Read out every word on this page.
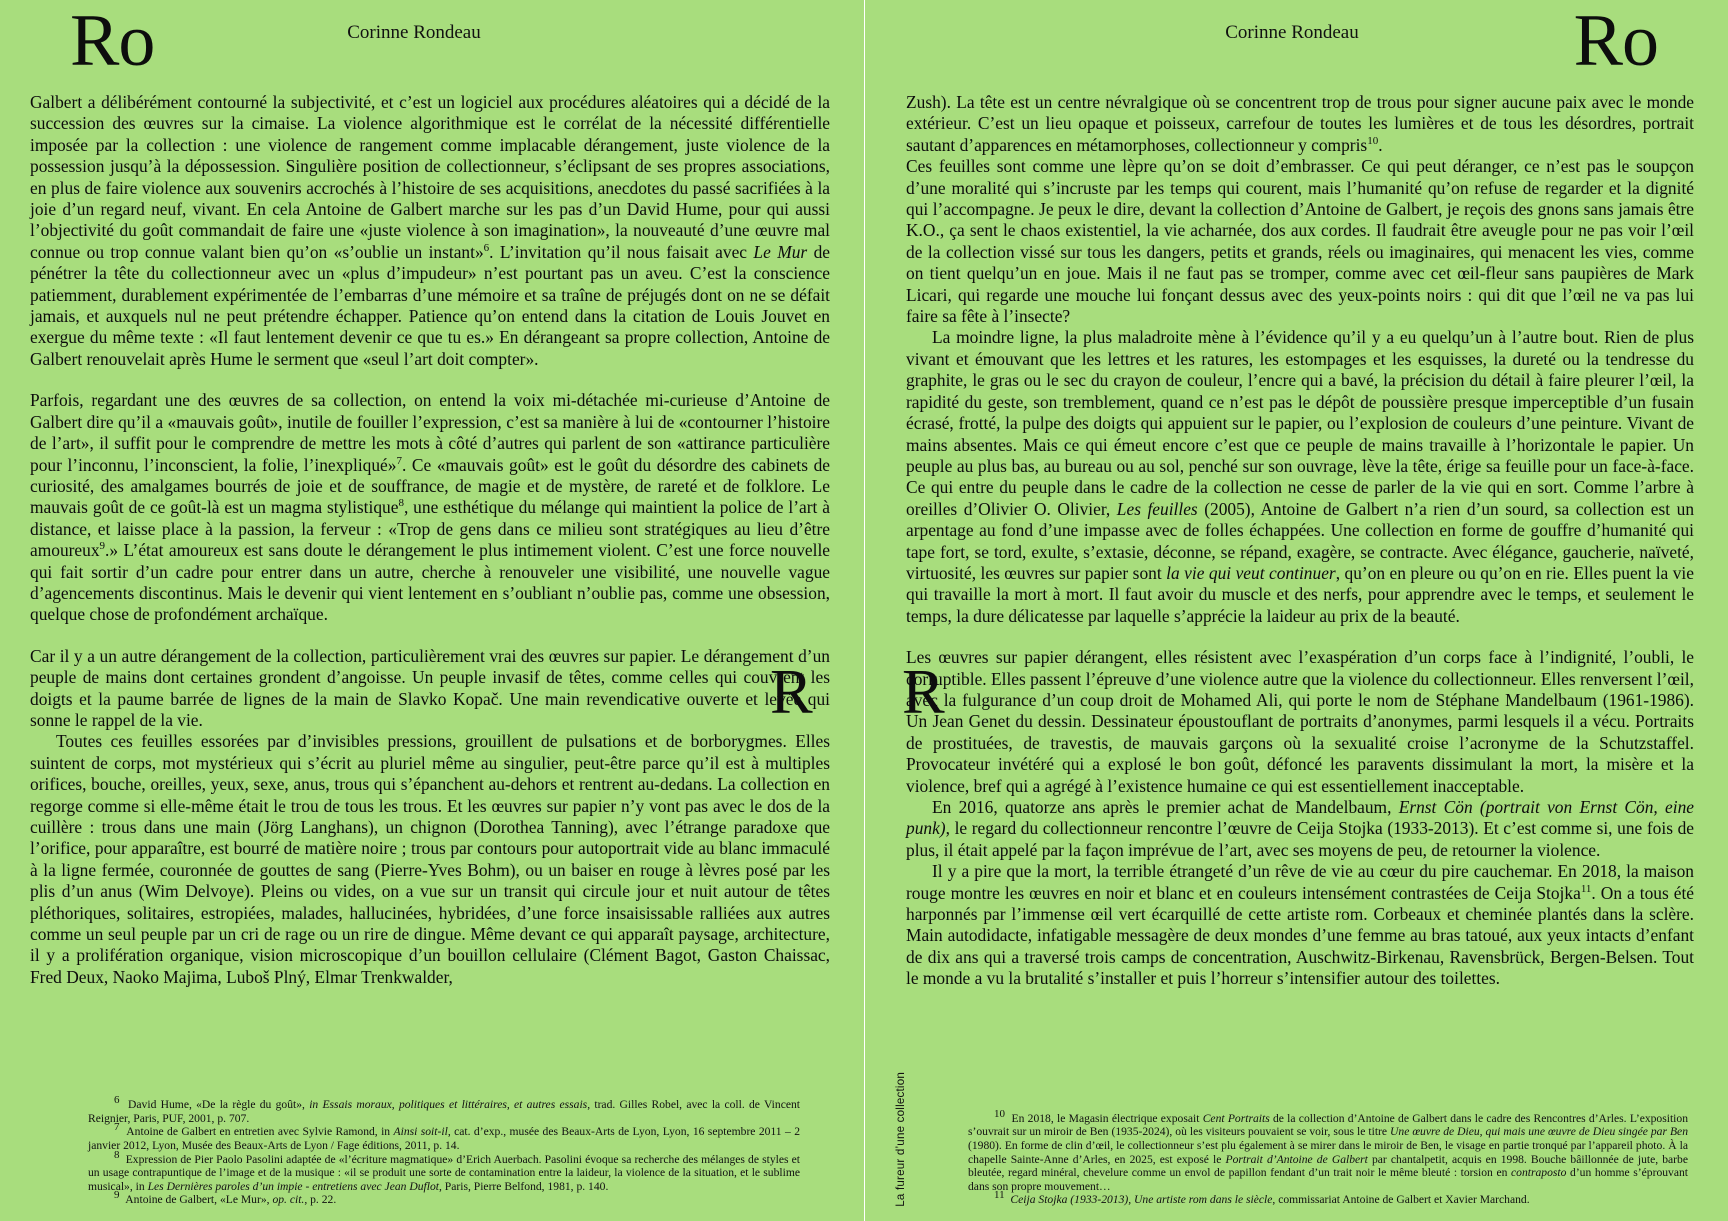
Ro	Corinne Rondeau

Galbert a délibérément contourné la subjectivité, et c’est un logiciel aux procédures aléatoires qui a décidé de la succession des œuvres sur la cimaise. La violence algorithmique est le corrélat de la nécessité différentielle imposée par la collection : une violence de rangement comme implacable dérangement, juste violence de la possession jusqu’à la dépossession. Singulière position de collectionneur, s’éclipsant de ses propres associations, en plus de faire violence aux souvenirs accrochés à l’histoire de ses acquisitions, anecdotes du passé sacrifiées à la joie d’un regard neuf, vivant. En cela Antoine de Galbert marche sur les pas d’un David Hume, pour qui aussi l’objectivité du goût commandait de faire une «juste violence à son imagination», la nouveauté d’une œuvre mal connue ou trop connue valant bien qu’on «s’oublie un instant»$^6$. L’invitation qu’il nous faisait avec Le Mur de pénétrer la tête du collectionneur avec un «plus d’impudeur» n’est pourtant pas un aveu. C’est la conscience patiemment, durablement expérimentée de l’embarras d’une mémoire et sa traîne de préjugés dont on ne se défait jamais, et auxquels nul ne peut prétendre échapper. Patience qu’on entend dans la citation de Louis Jouvet en exergue du même texte : «Il faut lentement devenir ce que tu es.» En dérangeant sa propre collection, Antoine de Galbert renouvelait après Hume le serment que «seul l’art doit compter».

Parfois, regardant une des œuvres de sa collection, on entend la voix mi-détachée mi-curieuse d’Antoine de Galbert dire qu’il a «mauvais goût», inutile de fouiller l’expression, c’est sa manière à lui de «contourner l’histoire de l’art», il suffit pour le comprendre de mettre les mots à côté d’autres qui parlent de son «attirance particulière pour l’inconnu, l’inconscient, la folie, l’inexpliqué»$^7$. Ce «mauvais goût» est le goût du désordre des cabinets de curiosité, des amalgames bourrés de joie et de souffrance, de magie et de mystère, de rareté et de folklore. Le mauvais goût de ce goût-là est un magma stylistique$^8$, une esthétique du mélange qui maintient la police de l’art à distance, et laisse place à la passion, la ferveur : «Trop de gens dans ce milieu sont stratégiques au lieu d’être amoureux$^9$.» L’état amoureux est sans doute le dérangement le plus intimement violent. C’est une force nouvelle qui fait sortir d’un cadre pour entrer dans un autre, cherche à renouveler une visibilité, une nouvelle vague d’agencements discontinus. Mais le devenir qui vient lentement en s’oubliant n’oublie pas, comme une obsession, quelque chose de profondément archaïque.

Car il y a un autre dérangement de la collection, particulièrement vrai des œuvres sur papier. Le dérangement d’un peuple de mains dont certaines grondent d’angoisse. Un peuple invasif de têtes, comme celles qui couvrent les doigts et la paume barrée de lignes de la main de Slavko Kopač. Une main revendicative ouverte et levée qui sonne le rappel de la vie.

Toutes ces feuilles essorées par d’invisibles pressions, grouillent de pulsations et de borborygmes. Elles suintent de corps, mot mystérieux qui s’écrit au pluriel même au singulier, peut-être parce qu’il est à multiples orifices, bouche, oreilles, yeux, sexe, anus, trous qui s’épanchent au-dehors et rentrent au-dedans. La collection en regorge comme si elle-même était le trou de tous les trous. Et les œuvres sur papier n’y vont pas avec le dos de la cuillère : trous dans une main (Jörg Langhans), un chignon (Dorothea Tanning), avec l’étrange paradoxe que l’orifice, pour apparaître, est bourré de matière noire ; trous par contours pour autoportrait vide au blanc immaculé à la ligne fermée, couronnée de gouttes de sang (Pierre-Yves Bohm), ou un baiser en rouge à lèvres posé par les plis d’un anus (Wim Delvoye). Pleins ou vides, on a vue sur un transit qui circule jour et nuit autour de têtes pléthoriques, solitaires, estropiées, malades, hallucinées, hybridées, d’une force insaisissable ralliées aux autres comme un seul peuple par un cri de rage ou un rire de dingue. Même devant ce qui apparaît paysage, architecture, il y a prolifération organique, vision microscopique d’un bouillon cellulaire (Clément Bagot, Gaston Chaissac, Fred Deux, Naoko Majima, Luboš Plný, Elmar Trenkwalder,

$^6$ David Hume, «De la règle du goût», in Essais moraux, politiques et littéraires, et autres essais, trad. Gilles Robel, avec la coll. de Vincent Reignier, Paris, PUF, 2001, p. 707.

$^7$ Antoine de Galbert en entretien avec Sylvie Ramond, in Ainsi soit-il, cat. d’exp., musée des Beaux-Arts de Lyon, Lyon, 16 septembre 2011 – 2 janvier 2012, Lyon, Musée des Beaux-Arts de Lyon / Fage éditions, 2011, p. 14.

$^8$ Expression de Pier Paolo Pasolini adaptée de «l’écriture magmatique» d’Erich Auerbach. Pasolini évoque sa recherche des mélanges de styles et un usage contrapuntique de l’image et de la musique : «il se produit une sorte de contamination entre la laideur, la violence de la situation, et le sublime musical», in Les Dernières paroles d’un impie - entretiens avec Jean Duflot, Paris, Pierre Belfond, 1981, p. 140.

$^9$ Antoine de Galbert, «Le Mur», op. cit., p. 22.

Ro
Corinne Rondeau

Zush). La tête est un centre névralgique où se concentrent trop de trous pour signer aucune paix avec le monde extérieur. C’est un lieu opaque et poisseux, carrefour de toutes les lumières et de tous les désordres, portrait sautant d’apparences en métamorphoses, collectionneur y compris$^{10}$.

Ces feuilles sont comme une lèpre qu’on se doit d’embrasser. Ce qui peut déranger, ce n’est pas le soupçon d’une moralité qui s’incruste par les temps qui courent, mais l’humanité qu’on refuse de regarder et la dignité qui l’accompagne. Je peux le dire, devant la collection d’Antoine de Galbert, je reçois des gnons sans jamais être K.O., ça sent le chaos existentiel, la vie acharnée, dos aux cordes. Il faudrait être aveugle pour ne pas voir l’œil de la collection vissé sur tous les dangers, petits et grands, réels ou imaginaires, qui menacent les vies, comme on tient quelqu’un en joue. Mais il ne faut pas se tromper, comme avec cet œil-fleur sans paupières de Mark Licari, qui regarde une mouche lui fonçant dessus avec des yeux-points noirs : qui dit que l’œil ne va pas lui faire sa fête à l’insecte?

La moindre ligne, la plus maladroite mène à l’évidence qu’il y a eu quelqu’un à l’autre bout. Rien de plus vivant et émouvant que les lettres et les ratures, les estompages et les esquisses, la dureté ou la tendresse du graphite, le gras ou le sec du crayon de couleur, l’encre qui a bavé, la précision du détail à faire pleurer l’œil, la rapidité du geste, son tremblement, quand ce n’est pas le dépôt de poussière presque imperceptible d’un fusain écrasé, frotté, la pulpe des doigts qui appuient sur le papier, ou l’explosion de couleurs d’une peinture. Vivant de mains absentes. Mais ce qui émeut encore c’est que ce peuple de mains travaille à l’horizontale le papier. Un peuple au plus bas, au bureau ou au sol, penché sur son ouvrage, lève la tête, érige sa feuille pour un face-à-face. Ce qui entre du peuple dans le cadre de la collection ne cesse de parler de la vie qui en sort. Comme l’arbre à oreilles d’Olivier O. Olivier, Les feuilles (2005), Antoine de Galbert n’a rien d’un sourd, sa collection est un arpentage au fond d’une impasse avec de folles échappées. Une collection en forme de gouffre d’humanité qui tape fort, se tord, exulte, s’extasie, déconne, se répand, exagère, se contracte. Avec élégance, gaucherie, naïveté, virtuosité, les œuvres sur papier sont la vie qui veut continuer, qu’on en pleure ou qu’on en rie. Elles puent la vie qui travaille la mort à mort. Il faut avoir du muscle et des nerfs, pour apprendre avec le temps, et seulement le temps, la dure délicatesse par laquelle s’apprécie la laideur au prix de la beauté.

Les œuvres sur papier dérangent, elles résistent avec l’exaspération d’un corps face à l’indignité, l’oubli, le corruptible. Elles passent l’épreuve d’une violence autre que la violence du collectionneur. Elles renversent l’œil, avec la fulgurance d’un coup droit de Mohamed Ali, qui porte le nom de Stéphane Mandelbaum (1961-1986). Un Jean Genet du dessin. Dessinateur époustouflant de portraits d’anonymes, parmi lesquels il a vécu. Portraits de prostituées, de travestis, de mauvais garçons où la sexualité croise l’acronyme de la Schutzstaffel. Provocateur invétéré qui a explosé le bon goût, défoncé les paravents dissimulant la mort, la misère et la violence, bref qui a agrégé à l’existence humaine ce qui est essentiellement inacceptable.

En 2016, quatorze ans après le premier achat de Mandelbaum, Ernst Cön (portrait von Ernst Cön, eine punk), le regard du collectionneur rencontre l’œuvre de Ceija Stojka (1933-2013). Et c’est comme si, une fois de plus, il était appelé par la façon imprévue de l’art, avec ses moyens de peu, de retourner la violence.

Il y a pire que la mort, la terrible étrangeté d’un rêve de vie au cœur du pire cauchemar. En 2018, la maison rouge montre les œuvres en noir et blanc et en couleurs intensément contrastées de Ceija Stojka$^{11}$. On a tous été harponnés par l’immense œil vert écarquillé de cette artiste rom. Corbeaux et cheminée plantés dans la sclère. Main autodidacte, infatigable messagère de deux mondes d’une femme au bras tatoué, aux yeux intacts d’enfant de dix ans qui a traversé trois camps de concentration, Auschwitz-Birkenau, Ravensbrück, Bergen-Belsen. Tout le monde a vu la brutalité s’installer et puis l’horreur s’intensifier autour des toilettes.

$^{10}$ En 2018, le Magasin électrique exposait Cent Portraits de la collection d’Antoine de Galbert dans le cadre des Rencontres d’Arles. L’exposition s’ouvrait sur un miroir de Ben (1935-2024), où les visiteurs pouvaient se voir, sous le titre Une œuvre de Dieu, qui mais une œuvre de Dieu singée par Ben (1980). En forme de clin d’œil, le collectionneur s’est plu également à se mirer dans le miroir de Ben, le visage en partie tronqué par l’appareil photo. À la chapelle Sainte-Anne d’Arles, en 2025, est exposé le Portrait d’Antoine de Galbert par chantalpetit, acquis en 1998. Bouche bâillonnée de jute, barbe bleutée, regard minéral, chevelure comme un envol de papillon fendant d’un trait noir le même bleuté : torsion en contraposto d’un homme s’éprouvant dans son propre mouvement…

$^{11}$ Ceija Stojka (1933-2013), Une artiste rom dans le siècle, commissariat Antoine de Galbert et Xavier Marchand.

R R
La fureur d’une collection
